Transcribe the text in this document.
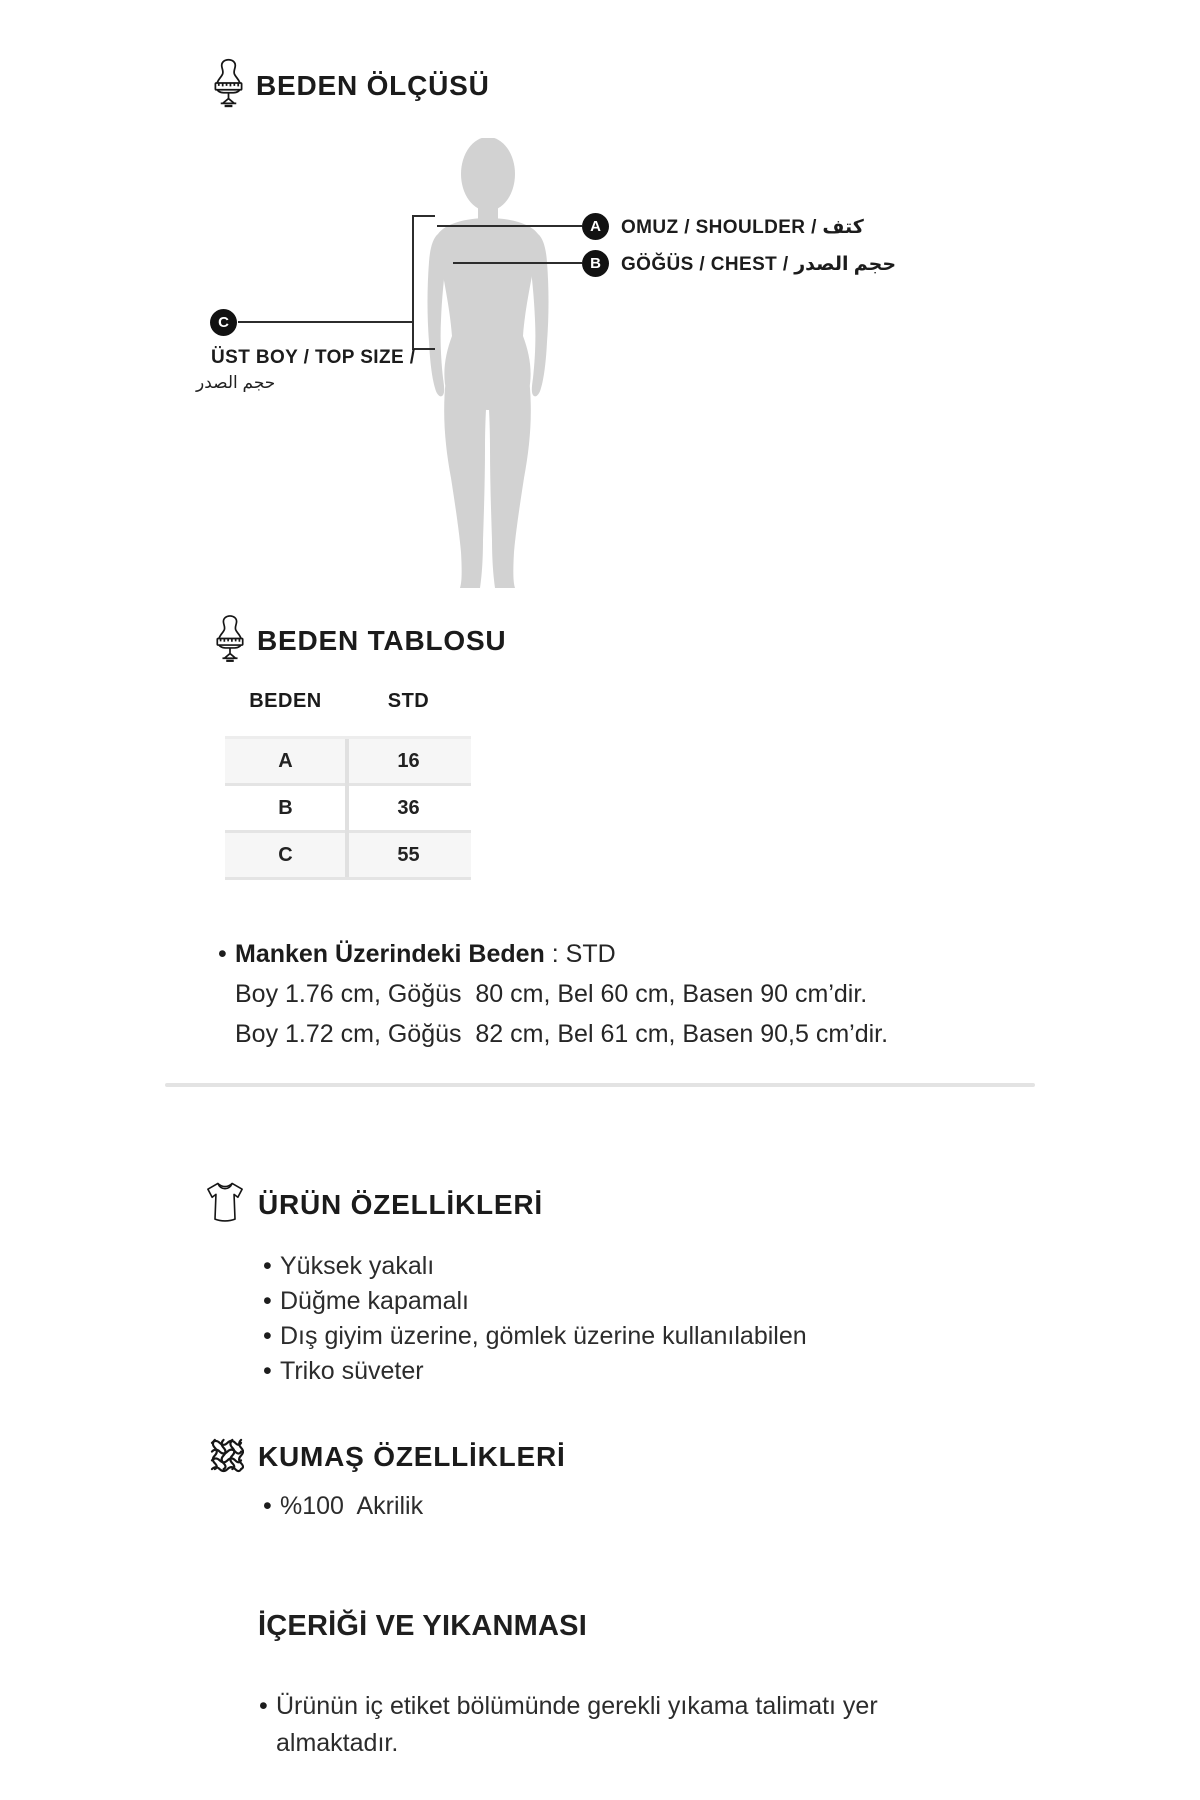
BEDEN ÖLÇÜSÜ
A
B
C
OMUZ / SHOULDER / كتف
GÖĞÜS / CHEST / حجم الصدر
ÜST BOY / TOP SIZE /
حجم الصدر
BEDEN TABLOSU
BEDEN	STD
A	16
B	36
C	55
• Manken Üzerindeki Beden : STD
Boy 1.76 cm, Göğüs  80 cm, Bel 60 cm, Basen 90 cm’dir.
Boy 1.72 cm, Göğüs  82 cm, Bel 61 cm, Basen 90,5 cm’dir.
ÜRÜN ÖZELLİKLERİ
• Yüksek yakalı
• Düğme kapamalı
• Dış giyim üzerine, gömlek üzerine kullanılabilen
• Triko süveter
KUMAŞ ÖZELLİKLERİ
• %100  Akrilik
İÇERİĞİ VE YIKANMASI
• Ürünün iç etiket bölümünde gerekli yıkama talimatı yer almaktadır.
